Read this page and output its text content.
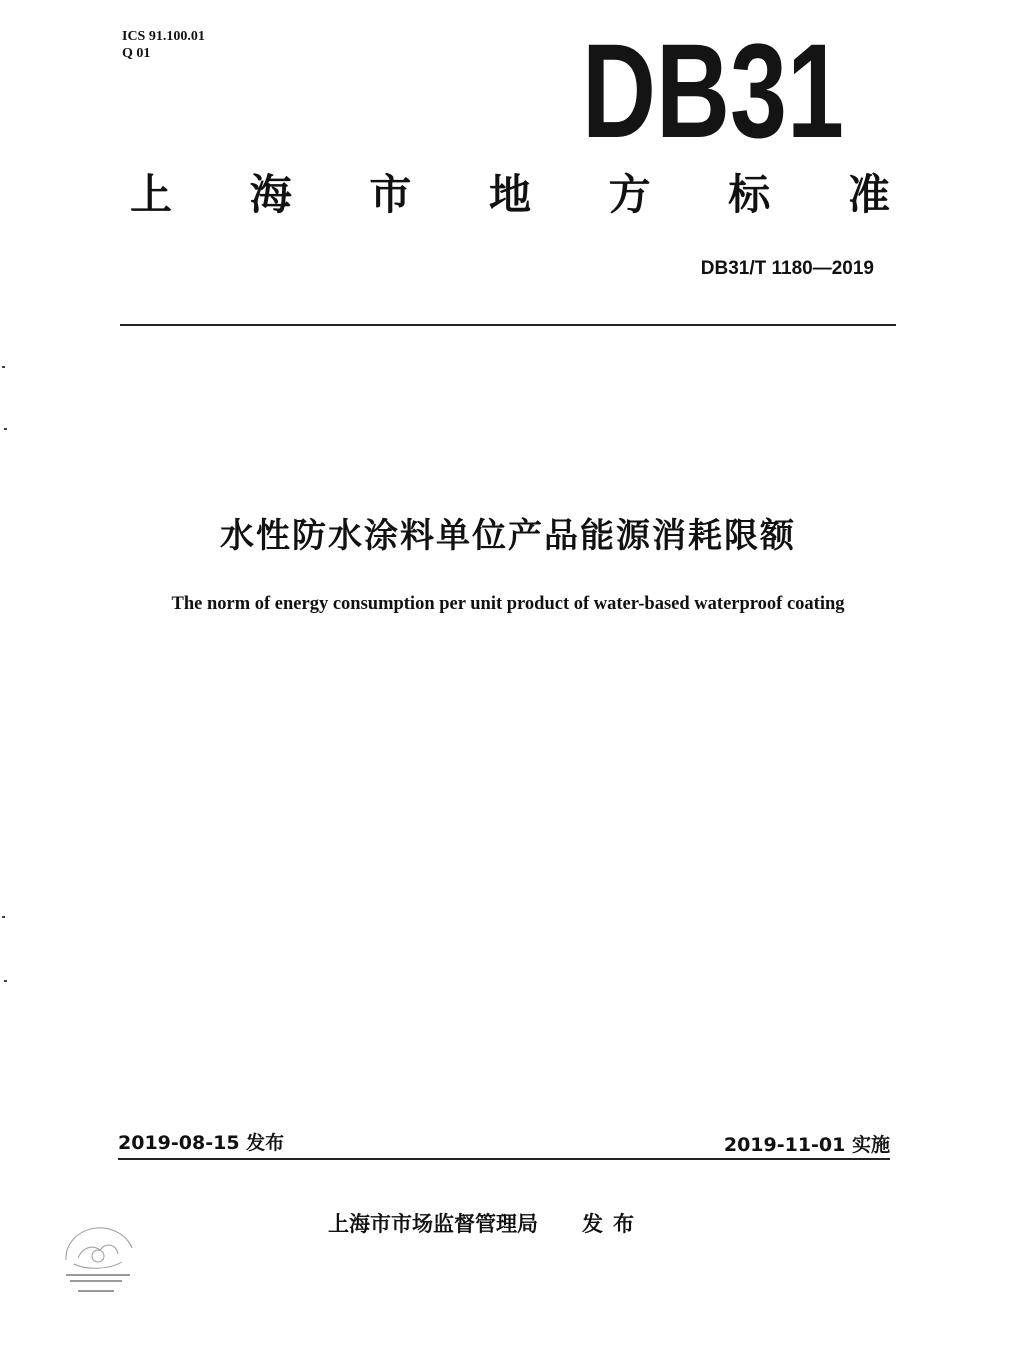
ICS 91.100.01
Q 01	DB31
上 海 市 地 方 标 准
DB31/T 1180—2019
水性防水涂料单位产品能源消耗限额
The norm of energy consumption per unit product of water-based waterproof coating
2019-08-15 发布	2019-11-01 实施
上海市市场监督管理局 发布
